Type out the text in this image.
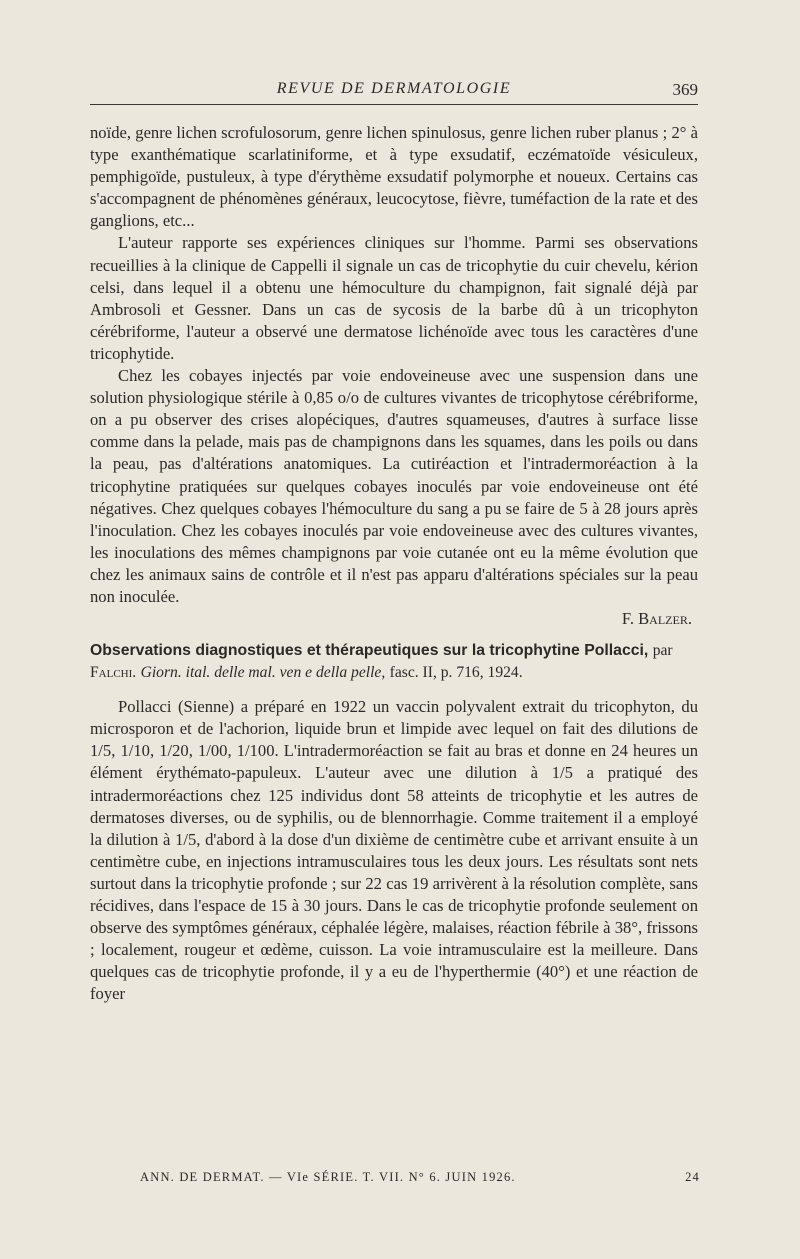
REVUE DE DERMATOLOGIE	369

noïde, genre lichen scrofulosorum, genre lichen spinulosus, genre lichen ruber planus ; 2° à type exanthématique scarlatiniforme, et à type exsudatif, eczématoïde vésiculeux, pemphigoïde, pustuleux, à type d'érythème exsudatif polymorphe et noueux. Certains cas s'accompagnent de phénomènes généraux, leucocytose, fièvre, tuméfaction de la rate et des ganglions, etc...

L'auteur rapporte ses expériences cliniques sur l'homme. Parmi ses observations recueillies à la clinique de Cappelli il signale un cas de tricophytie du cuir chevelu, kérion celsi, dans lequel il a obtenu une hémoculture du champignon, fait signalé déjà par Ambrosoli et Gessner. Dans un cas de sycosis de la barbe dû à un tricophyton cérébriforme, l'auteur a observé une dermatose lichénoïde avec tous les caractères d'une tricophytide.

Chez les cobayes injectés par voie endoveineuse avec une suspension dans une solution physiologique stérile à 0,85 o/o de cultures vivantes de tricophytose cérébriforme, on a pu observer des crises alopéciques, d'autres squameuses, d'autres à surface lisse comme dans la pelade, mais pas de champignons dans les squames, dans les poils ou dans la peau, pas d'altérations anatomiques. La cutiréaction et l'intradermoréaction à la tricophytine pratiquées sur quelques cobayes inoculés par voie endoveineuse ont été négatives. Chez quelques cobayes l'hémoculture du sang a pu se faire de 5 à 28 jours après l'inoculation. Chez les cobayes inoculés par voie endoveineuse avec des cultures vivantes, les inoculations des mêmes champignons par voie cutanée ont eu la même évolution que chez les animaux sains de contrôle et il n'est pas apparu d'altérations spéciales sur la peau non inoculée.

F. Balzer.

Observations diagnostiques et thérapeutiques sur la tricophytine Pollacci, par Falchi. Giorn. ital. delle mal. ven e della pelle, fasc. II, p. 716, 1924.

Pollacci (Sienne) a préparé en 1922 un vaccin polyvalent extrait du tricophyton, du microsporon et de l'achorion, liquide brun et limpide avec lequel on fait des dilutions de 1/5, 1/10, 1/20, 1/00, 1/100. L'intradermoréaction se fait au bras et donne en 24 heures un élément érythémato-papuleux. L'auteur avec une dilution à 1/5 a pratiqué des intradermoréactions chez 125 individus dont 58 atteints de tricophytie et les autres de dermatoses diverses, ou de syphilis, ou de blennorrhagie. Comme traitement il a employé la dilution à 1/5, d'abord à la dose d'un dixième de centimètre cube et arrivant ensuite à un centimètre cube, en injections intramusculaires tous les deux jours. Les résultats sont nets surtout dans la tricophytie profonde ; sur 22 cas 19 arrivèrent à la résolution complète, sans récidives, dans l'espace de 15 à 30 jours. Dans le cas de tricophytie profonde seulement on observe des symptômes généraux, céphalée légère, malaises, réaction fébrile à 38°, frissons ; localement, rougeur et œdème, cuisson. La voie intramusculaire est la meilleure. Dans quelques cas de tricophytie profonde, il y a eu de l'hyperthermie (40°) et une réaction de foyer

ANN. DE DERMAT. — VIe SÉRIE. T. VII. N° 6. JUIN 1926.	24
